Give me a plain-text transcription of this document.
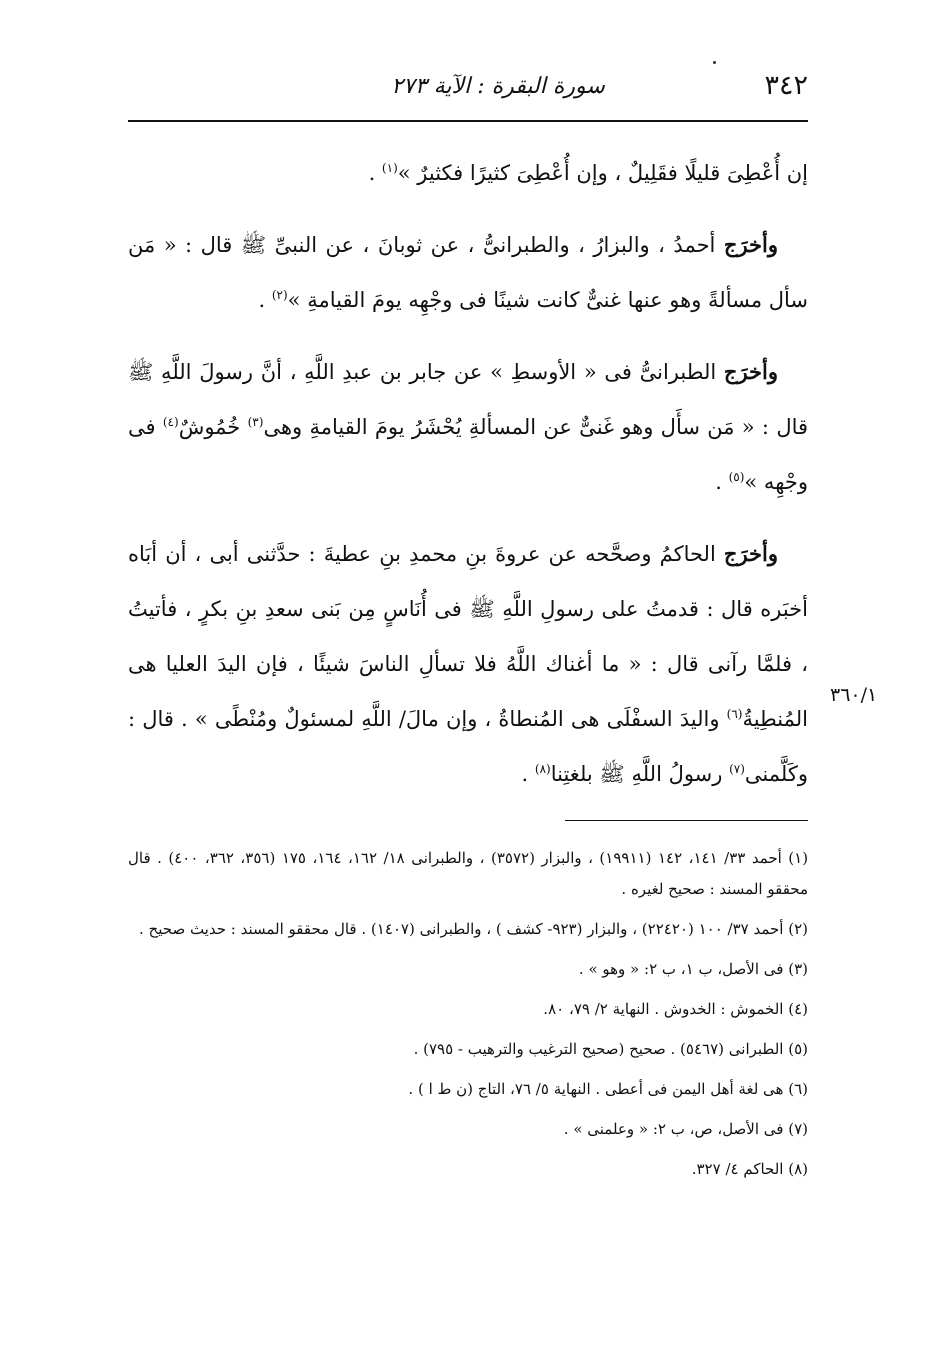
٣٤٢
سورة البقرة : الآية ٢٧٣

إن أُعْطِىَ قليلًا فقَلِيلٌ ، وإن أُعْطِىَ كثيرًا فكثيرٌ »$^{(١)}$ .

وأخرَج أحمدُ ، والبزارُ ، والطبرانىُّ ، عن ثوبانَ ، عن النبىِّ ﷺ قال : « مَن سأل مسألةً وهو عنها غنىٌّ كانت شينًا فى وجْهِه يومَ القيامةِ »$^{(٢)}$ .

وأخرَج الطبرانىُّ فى « الأوسطِ » عن جابر بن عبدِ اللَّهِ ، أنَّ رسولَ اللَّهِ ﷺ قال : « مَن سأَل وهو غَنىٌّ عن المسألةِ يُحْشَرُ يومَ القيامةِ وهى$^{(٣)}$ خُمُوشٌ$^{(٤)}$ فى وجْهِه »$^{(٥)}$ .

وأخرَج الحاكمُ وصحَّحه عن عروةَ بنِ محمدِ بنِ عطيةَ : حدَّثنى أبى ، أن أبَاه أخبَره قال : قدمتُ على رسولِ اللَّهِ ﷺ فى أُنَاسٍ مِن بَنى سعدِ بنِ بكرٍ ، فأتيتُ ، فلمَّا رآنى قال : « ما أغناك اللَّهُ فلا تسألِ الناسَ شيئًا ، فإن اليدَ العليا هى المُنطِيةُ$^{(٦)}$ واليدَ السفْلَى هى المُنطاةُ ، وإن مالَ/ اللَّهِ لمسئولٌ ومُنْطًى » . قال : وكَلَّمنى$^{(٧)}$ رسولُ اللَّهِ ﷺ بلغتِنا$^{(٨)}$ .

٣٦٠/١
(١) أحمد ٣٣/ ١٤١، ١٤٢ (١٩٩١١) ، والبزار (٣٥٧٢) ، والطبرانى ١٨/ ١٦٢، ١٦٤، ١٧٥ (٣٥٦، ٣٦٢، ٤٠٠) . قال محققو المسند : صحيح لغيره .
(٢) أحمد ٣٧/ ١٠٠ (٢٢٤٢٠) ، والبزار (٩٢٣- كشف ) ، والطبرانى (١٤٠٧) . قال محققو المسند : حديث صحيح .
(٣) فى الأصل، ب ١، ب ٢: « وهو » .
(٤) الخموش : الخدوش . النهاية ٢/ ٧٩، ٨٠.
(٥) الطبرانى (٥٤٦٧) . صحيح (صحيح الترغيب والترهيب - ٧٩٥) .
(٦) هى لغة أهل اليمن فى أعطى . النهاية ٥/ ٧٦، التاج (ن ط ا ) .
(٧) فى الأصل، ص، ب ٢: « وعلمنى » .
(٨) الحاكم ٤/ ٣٢٧.
